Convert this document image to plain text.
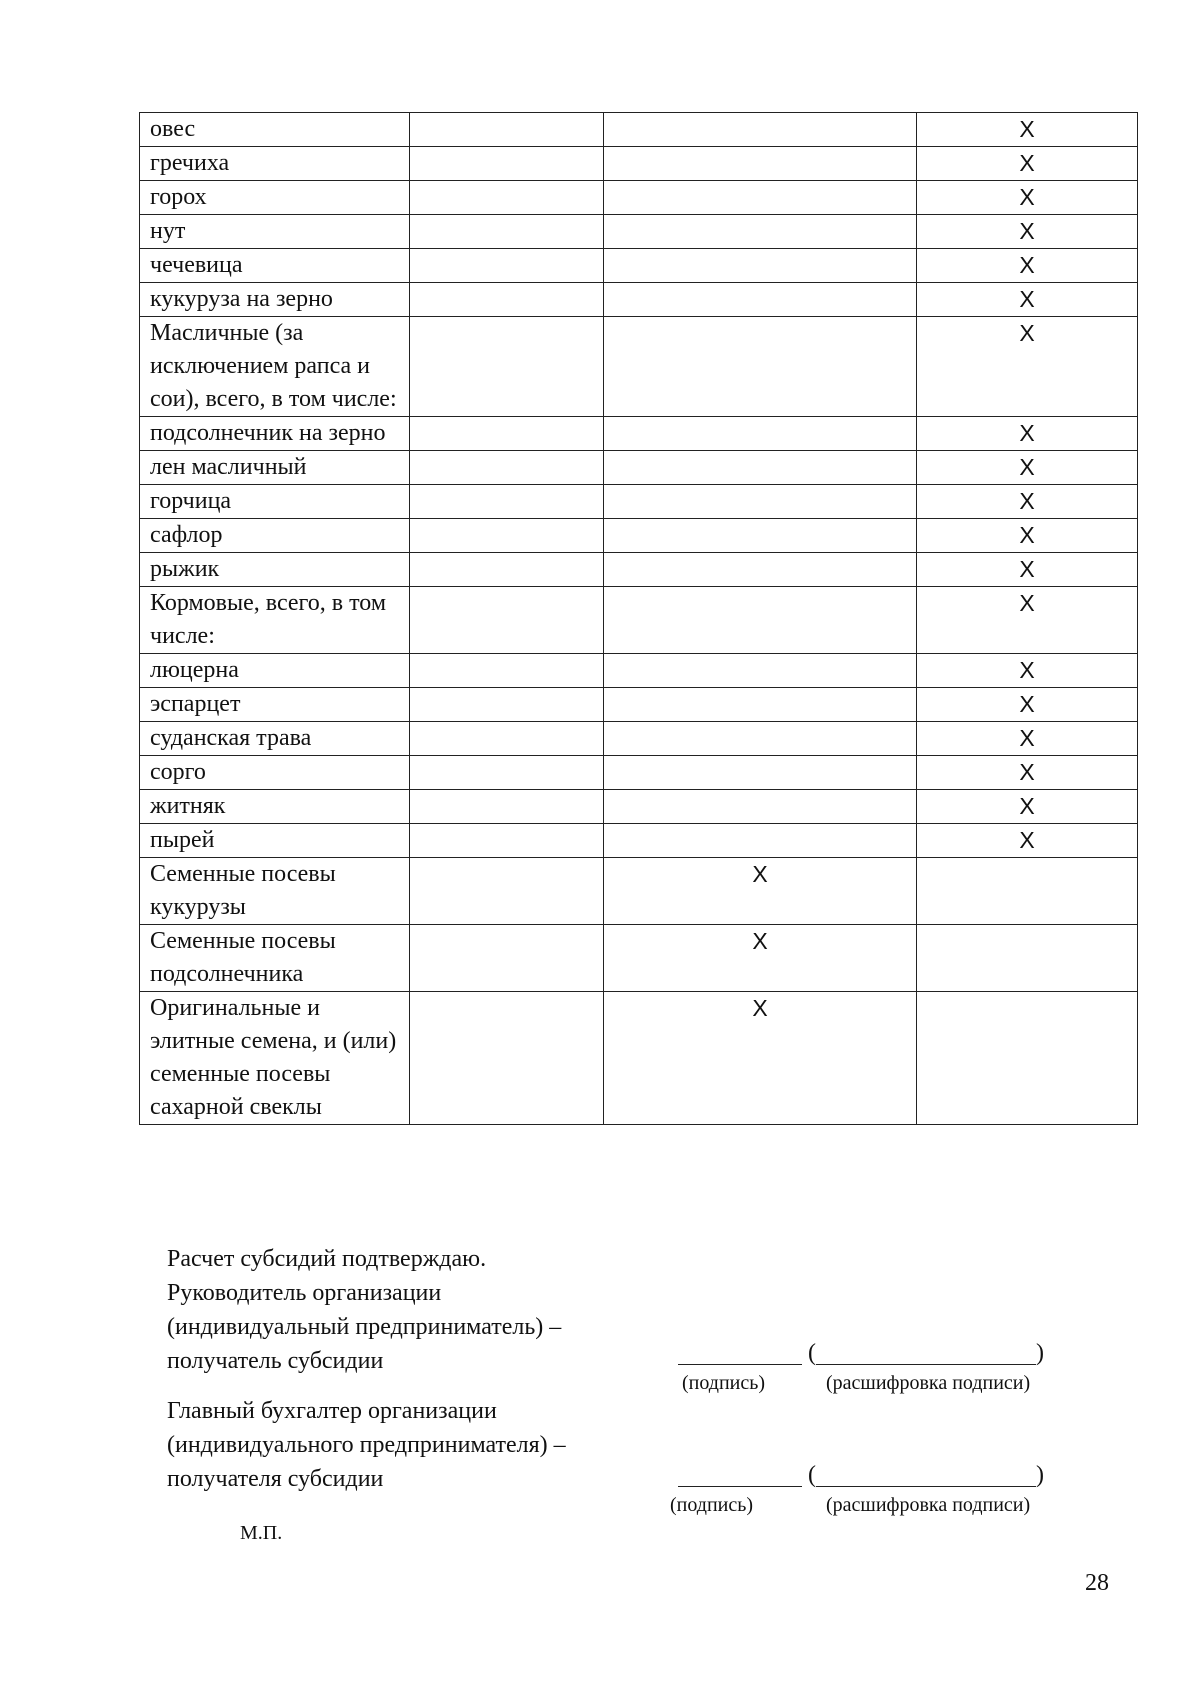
овес			X
гречиха			X
горох			X
нут			X
чечевица			X
кукуруза на зерно			X
Масличные (за исключением рапса и сои), всего, в том числе:			X
подсолнечник на зерно			X
лен масличный			X
горчица			X
сафлор			X
рыжик			X
Кормовые, всего, в том числе:			X
люцерна			X
эспарцет			X
суданская трава			X
сорго			X
житняк			X
пырей			X
Семенные посевы кукурузы		X	
Семенные посевы подсолнечника		X	
Оригинальные и элитные семена, и (или) семенные посевы сахарной свеклы		X	
Расчет субсидий подтверждаю.
Руководитель организации
(индивидуальный предприниматель) –
получатель субсидии	(	)
(подпись)	(расшифровка подписи)
Главный бухгалтер организации
(индивидуального предпринимателя) –
получателя субсидии	(	)
(подпись)	(расшифровка подписи)
М.П.
28
